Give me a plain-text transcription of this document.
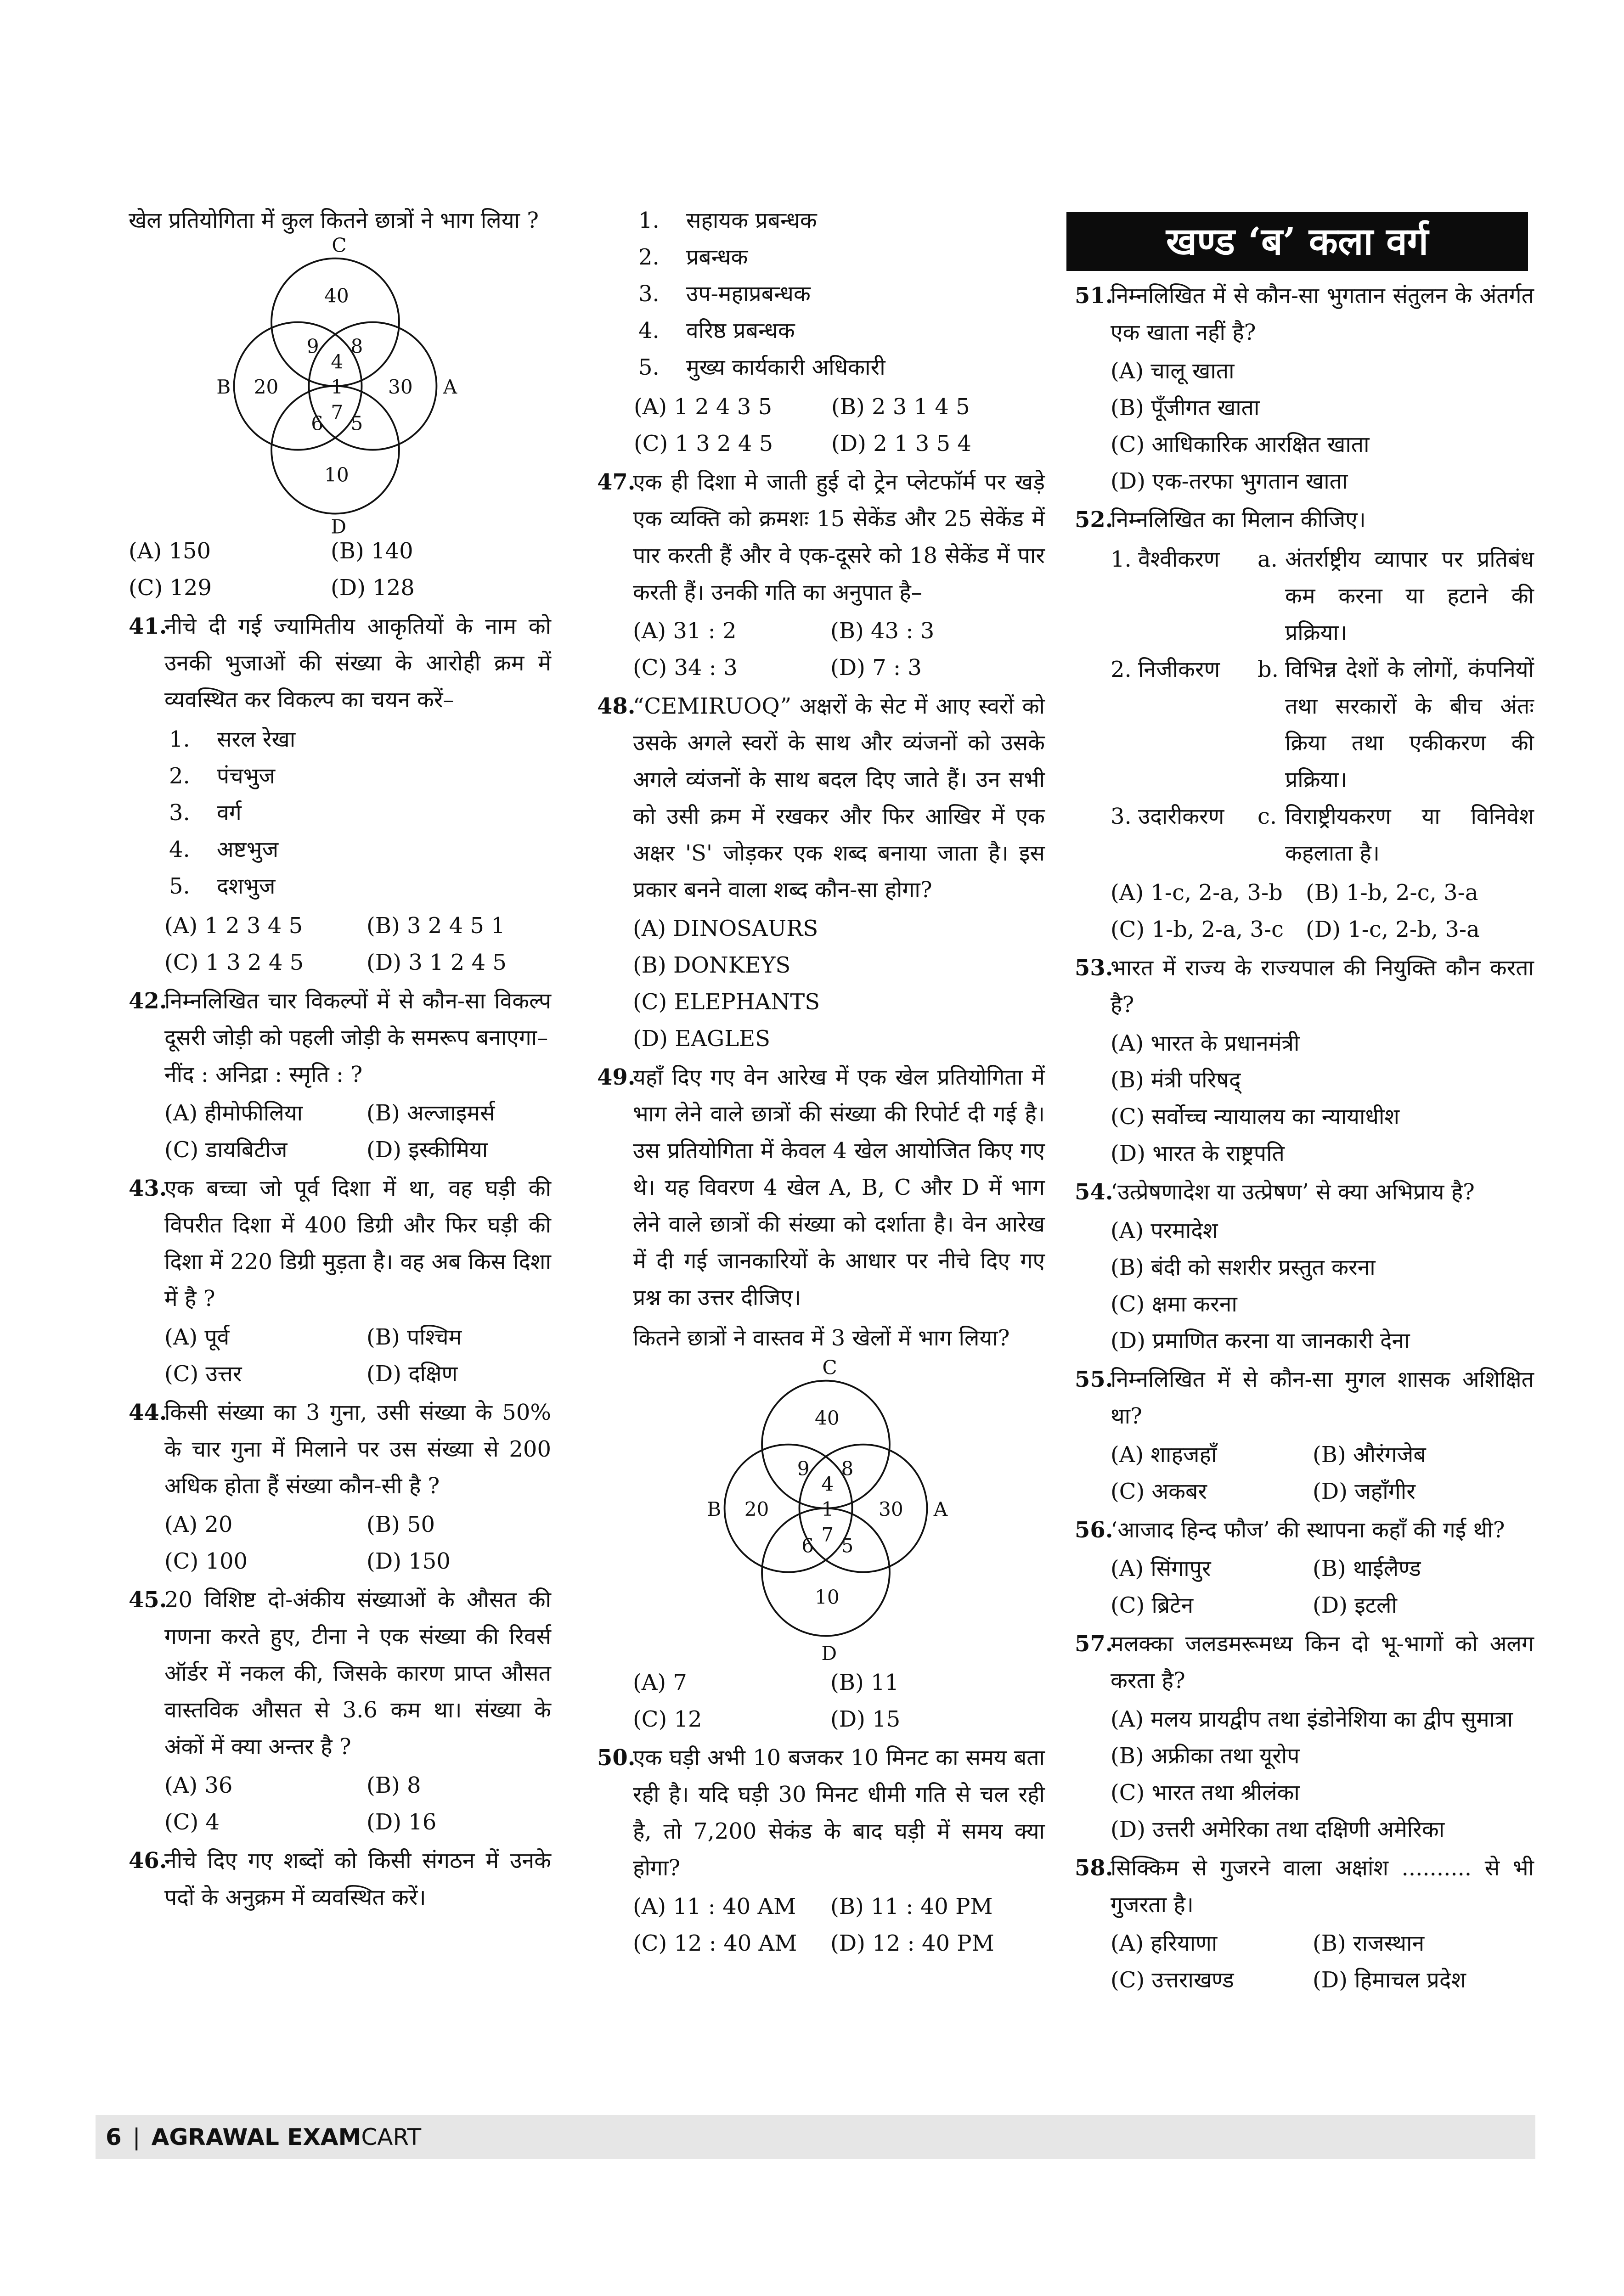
खेल प्रतियोगिता में कुल कितने छात्रों ने भाग लिया ?

C
B	A
D
40
9 8
4
20	1 30
7
6 5
10
(A) 150	(B) 140
(C) 129	(D) 128
41.
नीचे दी गई ज्यामितीय आकृतियों के नाम को उनकी भुजाओं की संख्या के आरोही क्रम में व्यवस्थित कर विकल्प का चयन करें–
1.	सरल रेखा
2.	पंचभुज
3.	वर्ग
4.	अष्टभुज
5.	दशभुज
(A) 1 2 3 4 5	(B) 3 2 4 5 1
(C) 1 3 2 4 5	(D) 3 1 2 4 5
42.
निम्नलिखित चार विकल्पों में से कौन-सा विकल्प दूसरी जोड़ी को पहली जोड़ी के समरूप बनाएगा–
नींद : अनिद्रा : स्मृति : ?
(A) हीमोफीलिया	(B) अल्जाइमर्स
(C) डायबिटीज	(D) इस्कीमिया
43.
एक बच्चा जो पूर्व दिशा में था, वह घड़ी की विपरीत दिशा में 400 डिग्री और फिर घड़ी की दिशा में 220 डिग्री मुड़ता है। वह अब किस दिशा में है ?
(A) पूर्व	(B) पश्चिम
(C) उत्तर	(D) दक्षिण
44.
किसी संख्या का 3 गुना, उसी संख्या के 50% के चार गुना में मिलाने पर उस संख्या से 200 अधिक होता हैं संख्या कौन-सी है ?
(A) 20	(B) 50
(C) 100	(D) 150
45.
20 विशिष्ट दो-अंकीय संख्याओं के औसत की गणना करते हुए, टीना ने एक संख्या की रिवर्स ऑर्डर में नकल की, जिसके कारण प्राप्त औसत वास्तविक औसत से 3.6 कम था। संख्या के अंकों में क्या अन्तर है ?
(A) 36	(B) 8
(C) 4	(D) 16
46.
नीचे दिए गए शब्दों को किसी संगठन में उनके पदों के अनुक्रम में व्यवस्थित करें।
1.	सहायक प्रबन्धक
2.	प्रबन्धक
3.	उप-महाप्रबन्धक
4.	वरिष्ठ प्रबन्धक
5.	मुख्य कार्यकारी अधिकारी
(A) 1 2 4 3 5	(B) 2 3 1 4 5
(C) 1 3 2 4 5	(D) 2 1 3 5 4
47.
एक ही दिशा मे जाती हुई दो ट्रेन प्लेटफॉर्म पर खड़े एक व्यक्ति को क्रमशः 15 सेकेंड और 25 सेकेंड में पार करती हैं और वे एक-दूसरे को 18 सेकेंड में पार करती हैं। उनकी गति का अनुपात है–
(A) 31 : 2	(B) 43 : 3
(C) 34 : 3	(D) 7 : 3
48.
“CEMIRUOQ” अक्षरों के सेट में आए स्वरों को उसके अगले स्वरों के साथ और व्यंजनों को उसके अगले व्यंजनों के साथ बदल दिए जाते हैं। उन सभी को उसी क्रम में रखकर और फिर आखिर में एक अक्षर 'S' जोड़कर एक शब्द बनाया जाता है। इस प्रकार बनने वाला शब्द कौन-सा होगा?
(A) DINOSAURS
(B) DONKEYS
(C) ELEPHANTS
(D) EAGLES
49.
यहाँ दिए गए वेन आरेख में एक खेल प्रतियोगिता में भाग लेने वाले छात्रों की संख्या की रिपोर्ट दी गई है। उस प्रतियोगिता में केवल 4 खेल आयोजित किए गए थे। यह विवरण 4 खेल A, B, C और D में भाग लेने वाले छात्रों की संख्या को दर्शाता है। वेन आरेख में दी गई जानकारियों के आधार पर नीचे दिए गए प्रश्न का उत्तर दीजिए।
कितने छात्रों ने वास्तव में 3 खेलों में भाग लिया?
C
B	A
D
40
9 8
4
20	1 30
7
6 5
10
(A) 7	(B) 11
(C) 12	(D) 15
50.
एक घड़ी अभी 10 बजकर 10 मिनट का समय बता रही है। यदि घड़ी 30 मिनट धीमी गति से चल रही है, तो 7,200 सेकंड के बाद घड़ी में समय क्या होगा?
(A) 11 : 40 AM	(B) 11 : 40 PM
(C) 12 : 40 AM	(D) 12 : 40 PM
खण्ड ‘ब’ कला वर्ग
51.
निम्नलिखित में से कौन-सा भुगतान संतुलन के अंतर्गत एक खाता नहीं है?
(A) चालू खाता
(B) पूँजीगत खाता
(C) आधिकारिक आरक्षित खाता
(D) एक-तरफा भुगतान खाता
52.
निम्नलिखित का मिलान कीजिए।
1. वैश्वीकरण	a. अंतर्राष्ट्रीय व्यापार पर प्रतिबंध कम करना या हटाने की प्रक्रिया।
2. निजीकरण	b. विभिन्न देशों के लोगों, कंपनियों तथा सरकारों के बीच अंतः क्रिया तथा एकीकरण की प्रक्रिया।
3. उदारीकरण	c. विराष्ट्रीयकरण या विनिवेश कहलाता है।
(A) 1-c, 2-a, 3-b	(B) 1-b, 2-c, 3-a
(C) 1-b, 2-a, 3-c	(D) 1-c, 2-b, 3-a
53.
भारत में राज्य के राज्यपाल की नियुक्ति कौन करता है?
(A) भारत के प्रधानमंत्री
(B) मंत्री परिषद्
(C) सर्वोच्च न्यायालय का न्यायाधीश
(D) भारत के राष्ट्रपति
54.
‘उत्प्रेषणादेश या उत्प्रेषण’ से क्या अभिप्राय है?
(A) परमादेश
(B) बंदी को सशरीर प्रस्तुत करना
(C) क्षमा करना
(D) प्रमाणित करना या जानकारी देना
55.
निम्नलिखित में से कौन-सा मुगल शासक अशिक्षित था?
(A) शाहजहाँ	(B) औरंगजेब
(C) अकबर	(D) जहाँगीर
56.
‘आजाद हिन्द फौज’ की स्थापना कहाँ की गई थी?
(A) सिंगापुर	(B) थाईलैण्ड
(C) ब्रिटेन	(D) इटली
57.
मलक्का जलडमरूमध्य किन दो भू-भागों को अलग करता है?
(A) मलय प्रायद्वीप तथा इंडोनेशिया का द्वीप सुमात्रा
(B) अफ्रीका तथा यूरोप
(C) भारत तथा श्रीलंका
(D) उत्तरी अमेरिका तथा दक्षिणी अमेरिका
58.
सिक्किम से गुजरने वाला अक्षांश .......... से भी गुजरता है।
(A) हरियाणा	(B) राजस्थान
(C) उत्तराखण्ड	(D) हिमाचल प्रदेश
6 | AGRAWAL EXAMCART
